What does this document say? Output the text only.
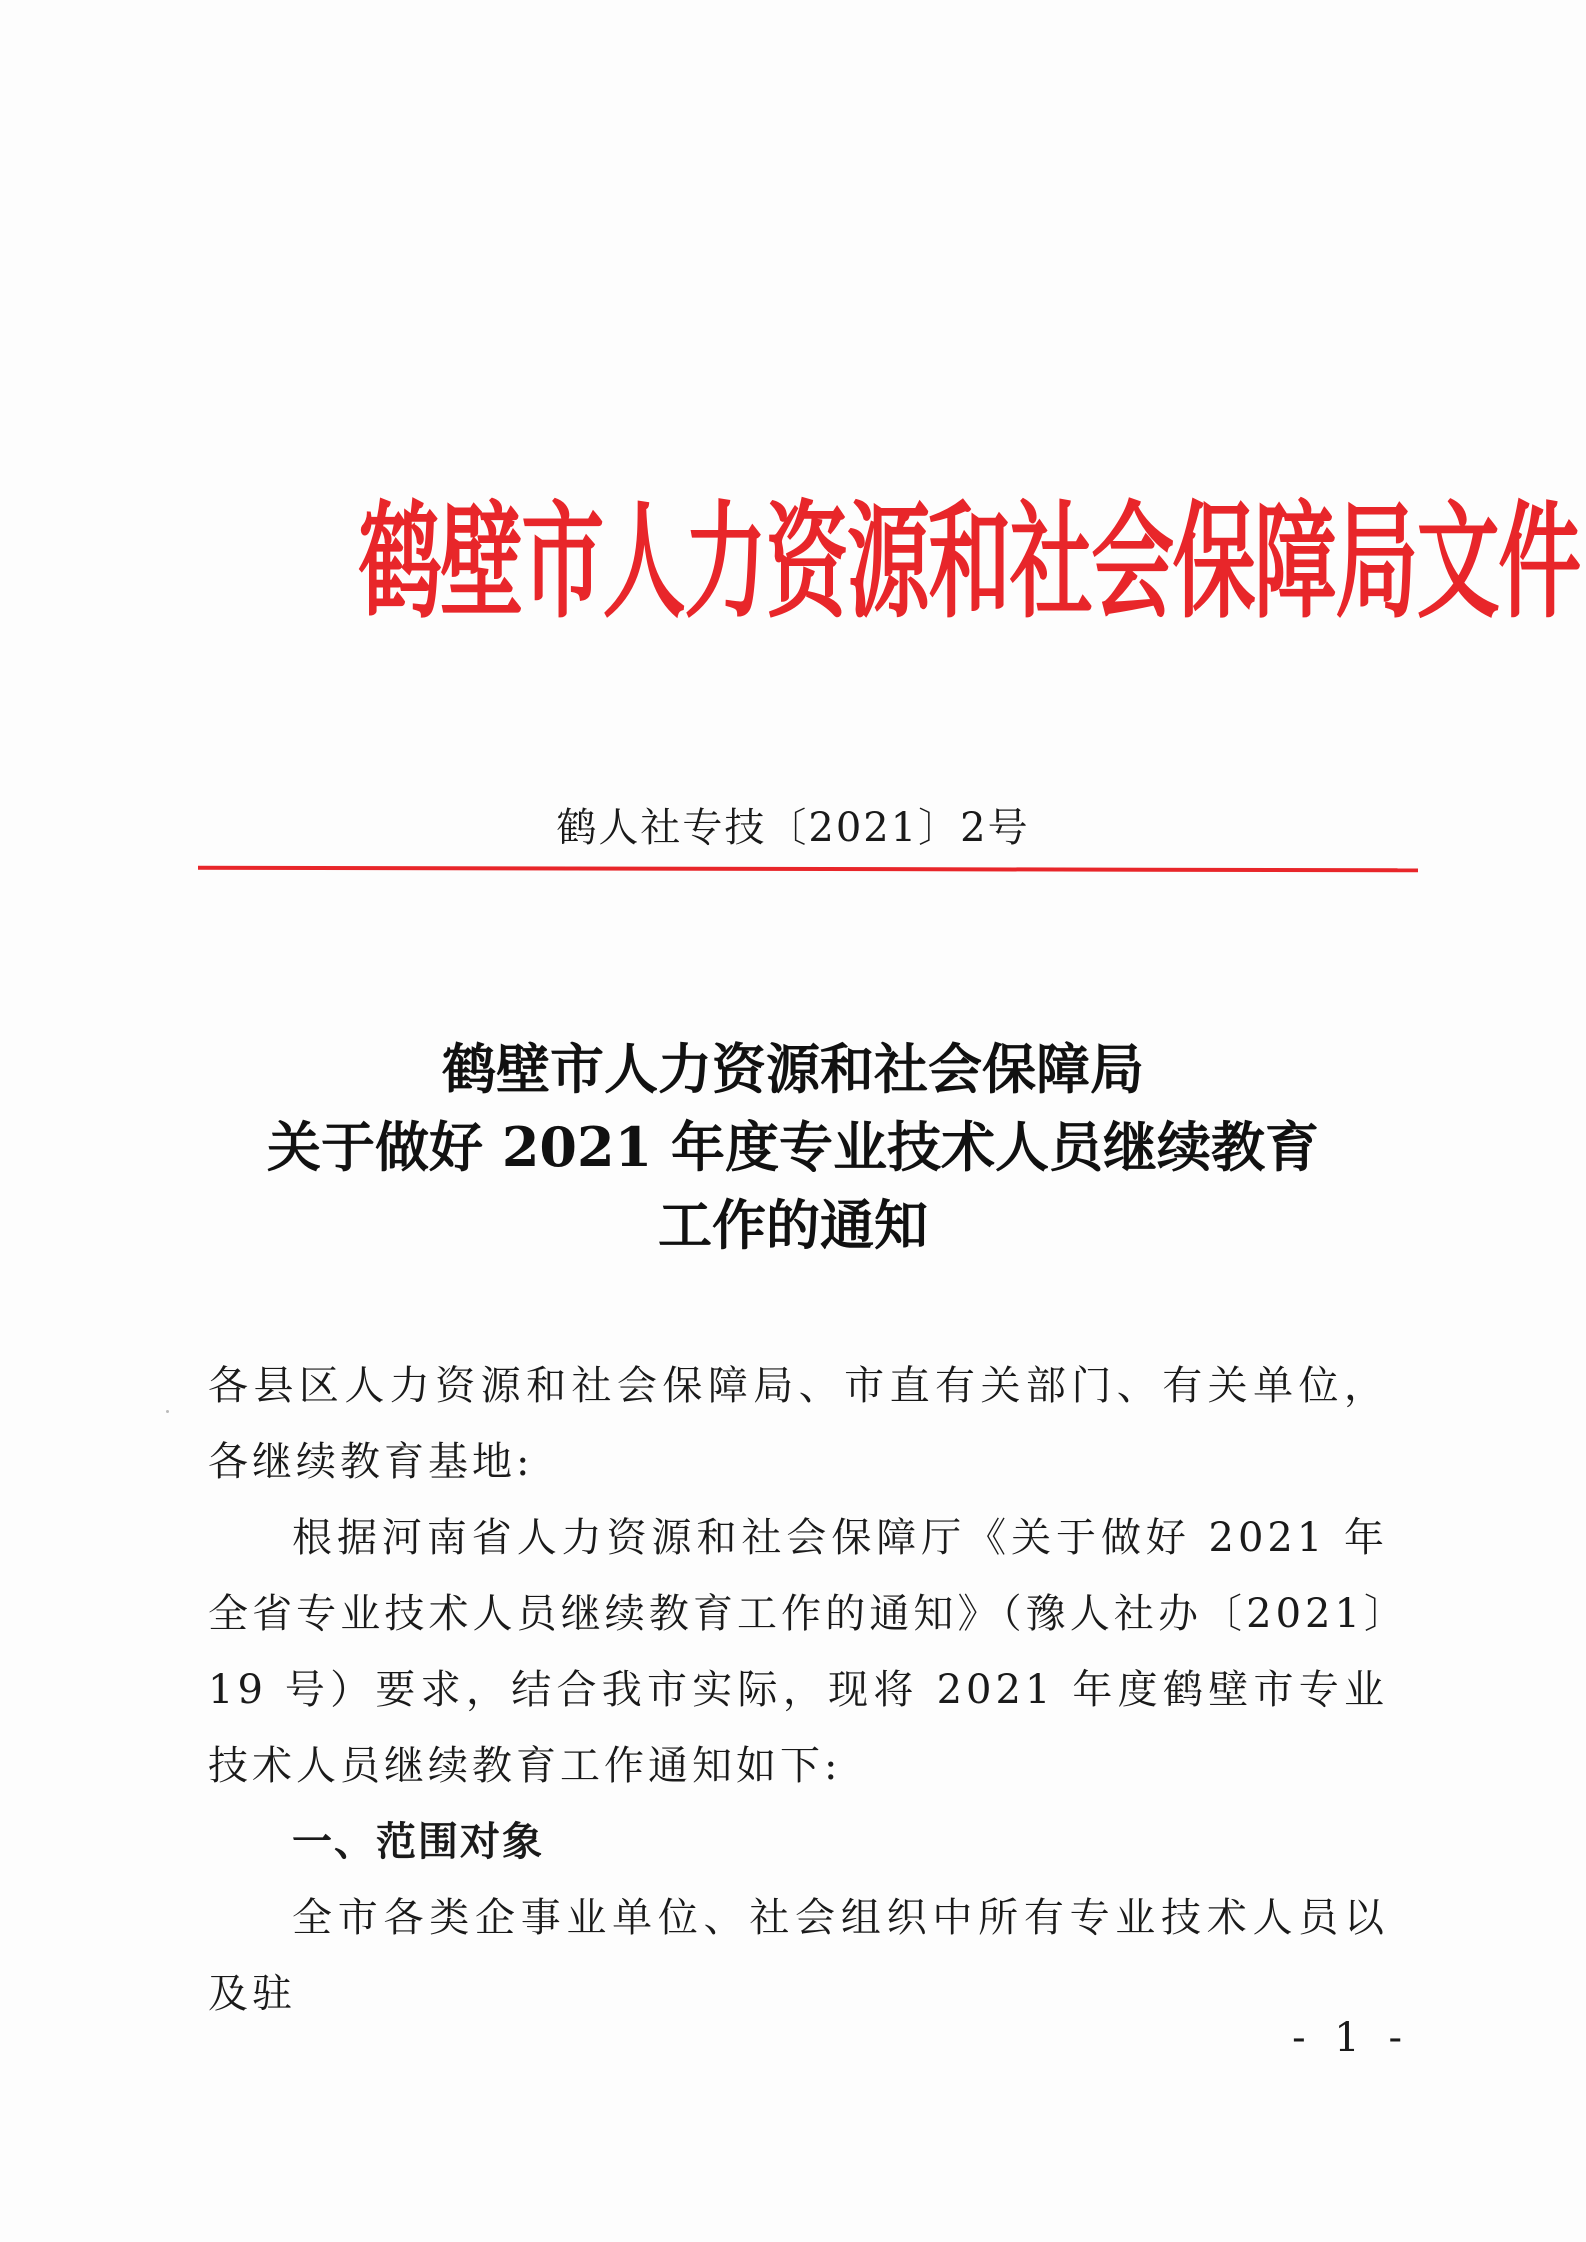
鹤壁市人力资源和社会保障局文件
鹤人社专技〔2021〕2号
鹤壁市人力资源和社会保障局
关于做好 2021 年度专业技术人员继续教育
工作的通知

各县区人力资源和社会保障局、市直有关部门、有关单位，各继续教育基地:

根据河南省人力资源和社会保障厅《关于做好 2021 年全省专业技术人员继续教育工作的通知》（豫人社办〔2021〕19 号）要求，结合我市实际，现将 2021 年度鹤壁市专业技术人员继续教育工作通知如下:

一、范围对象

全市各类企事业单位、社会组织中所有专业技术人员以及驻

- 1 -
